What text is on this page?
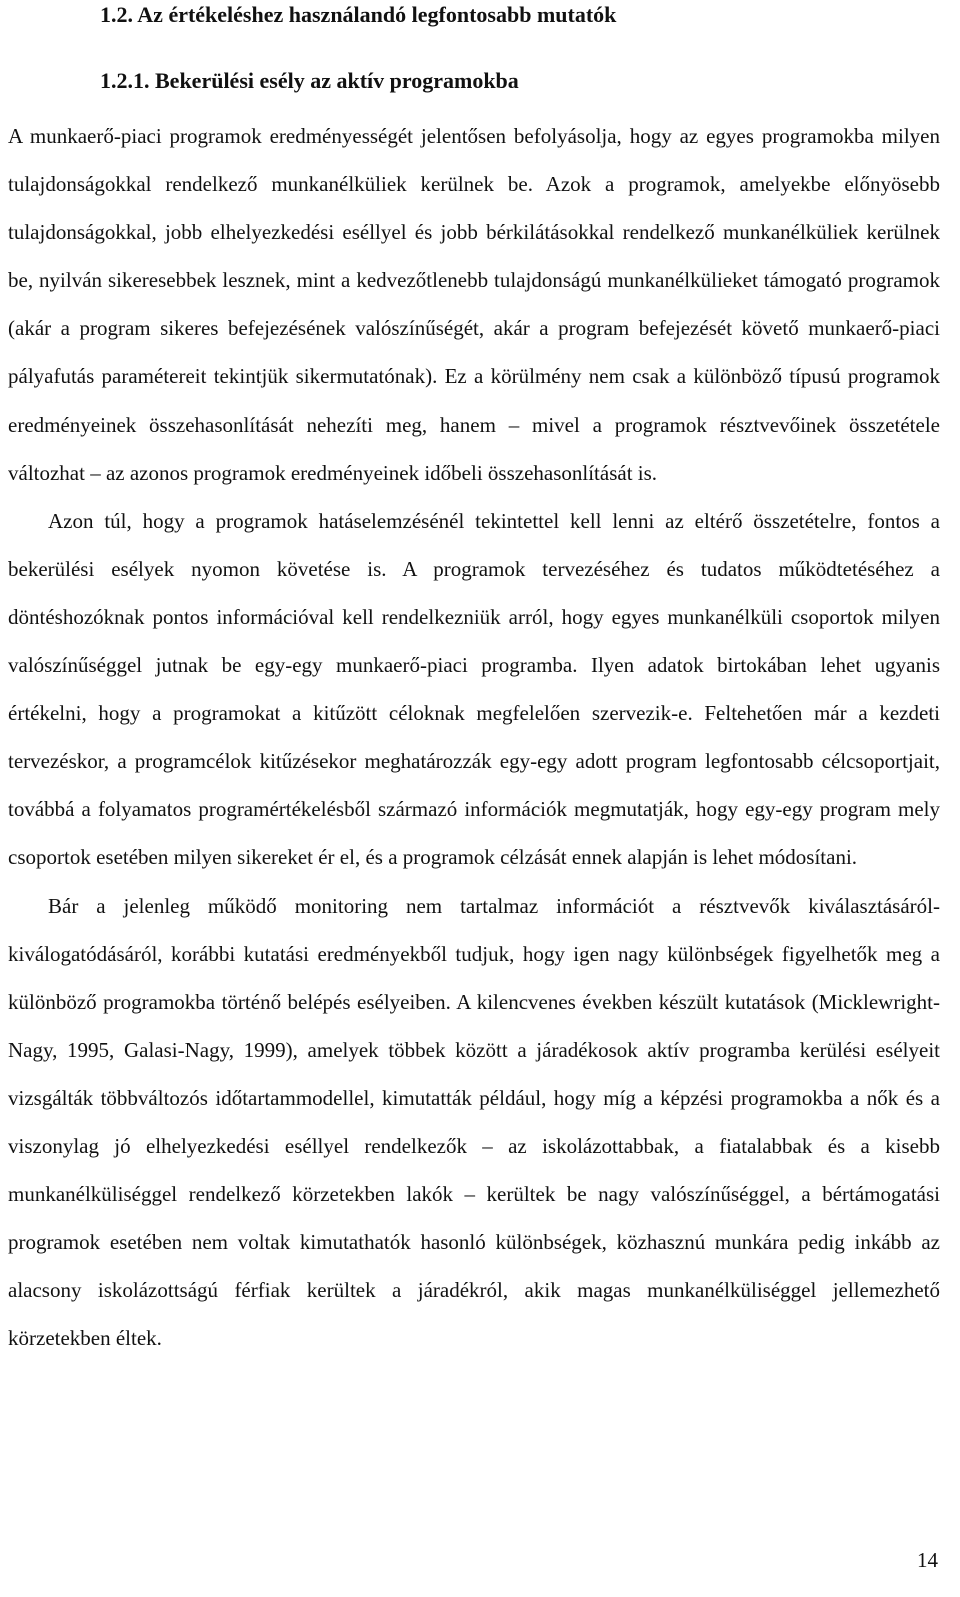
1.2. Az értékeléshez használandó legfontosabb mutatók
1.2.1. Bekerülési esély az aktív programokba

A munkaerő-piaci programok eredményességét jelentősen befolyásolja, hogy az egyes programokba milyen tulajdonságokkal rendelkező munkanélküliek kerülnek be. Azok a programok, amelyekbe előnyösebb tulajdonságokkal, jobb elhelyezkedési eséllyel és jobb bérkilátásokkal rendelkező munkanélküliek kerülnek be, nyilván sikeresebbek lesznek, mint a kedvezőtlenebb tulajdonságú munkanélkülieket támogató programok (akár a program sikeres befejezésének valószínűségét, akár a program befejezését követő munkaerő-piaci pályafutás paramétereit tekintjük sikermutatónak). Ez a körülmény nem csak a különböző típusú programok eredményeinek összehasonlítását nehezíti meg, hanem – mivel a programok résztvevőinek összetétele változhat – az azonos programok eredményeinek időbeli összehasonlítását is.

Azon túl, hogy a programok hatáselemzésénél tekintettel kell lenni az eltérő összetételre, fontos a bekerülési esélyek nyomon követése is. A programok tervezéséhez és tudatos működtetéséhez a döntéshozóknak pontos információval kell rendelkezniük arról, hogy egyes munkanélküli csoportok milyen valószínűséggel jutnak be egy-egy munkaerő-piaci programba. Ilyen adatok birtokában lehet ugyanis értékelni, hogy a programokat a kitűzött céloknak megfelelően szervezik-e. Feltehetően már a kezdeti tervezéskor, a programcélok kitűzésekor meghatározzák egy-egy adott program legfontosabb célcsoportjait, továbbá a folyamatos programértékelésből származó információk megmutatják, hogy egy-egy program mely csoportok esetében milyen sikereket ér el, és a programok célzását ennek alapján is lehet módosítani.

Bár a jelenleg működő monitoring nem tartalmaz információt a résztvevők kiválasztásáról-kiválogatódásáról, korábbi kutatási eredményekből tudjuk, hogy igen nagy különbségek figyelhetők meg a különböző programokba történő belépés esélyeiben. A kilencvenes években készült kutatások (Micklewright-Nagy, 1995, Galasi-Nagy, 1999), amelyek többek között a járadékosok aktív programba kerülési esélyeit vizsgálták többváltozós időtartammodellel, kimutatták például, hogy míg a képzési programokba a nők és a viszonylag jó elhelyezkedési eséllyel rendelkezők – az iskolázottabbak, a fiatalabbak és a kisebb munkanélküliséggel rendelkező körzetekben lakók – kerültek be nagy valószínűséggel, a bértámogatási programok esetében nem voltak kimutathatók hasonló különbségek, közhasznú munkára pedig inkább az alacsony iskolázottságú férfiak kerültek a járadékról, akik magas munkanélküliséggel jellemezhető körzetekben éltek.

14
